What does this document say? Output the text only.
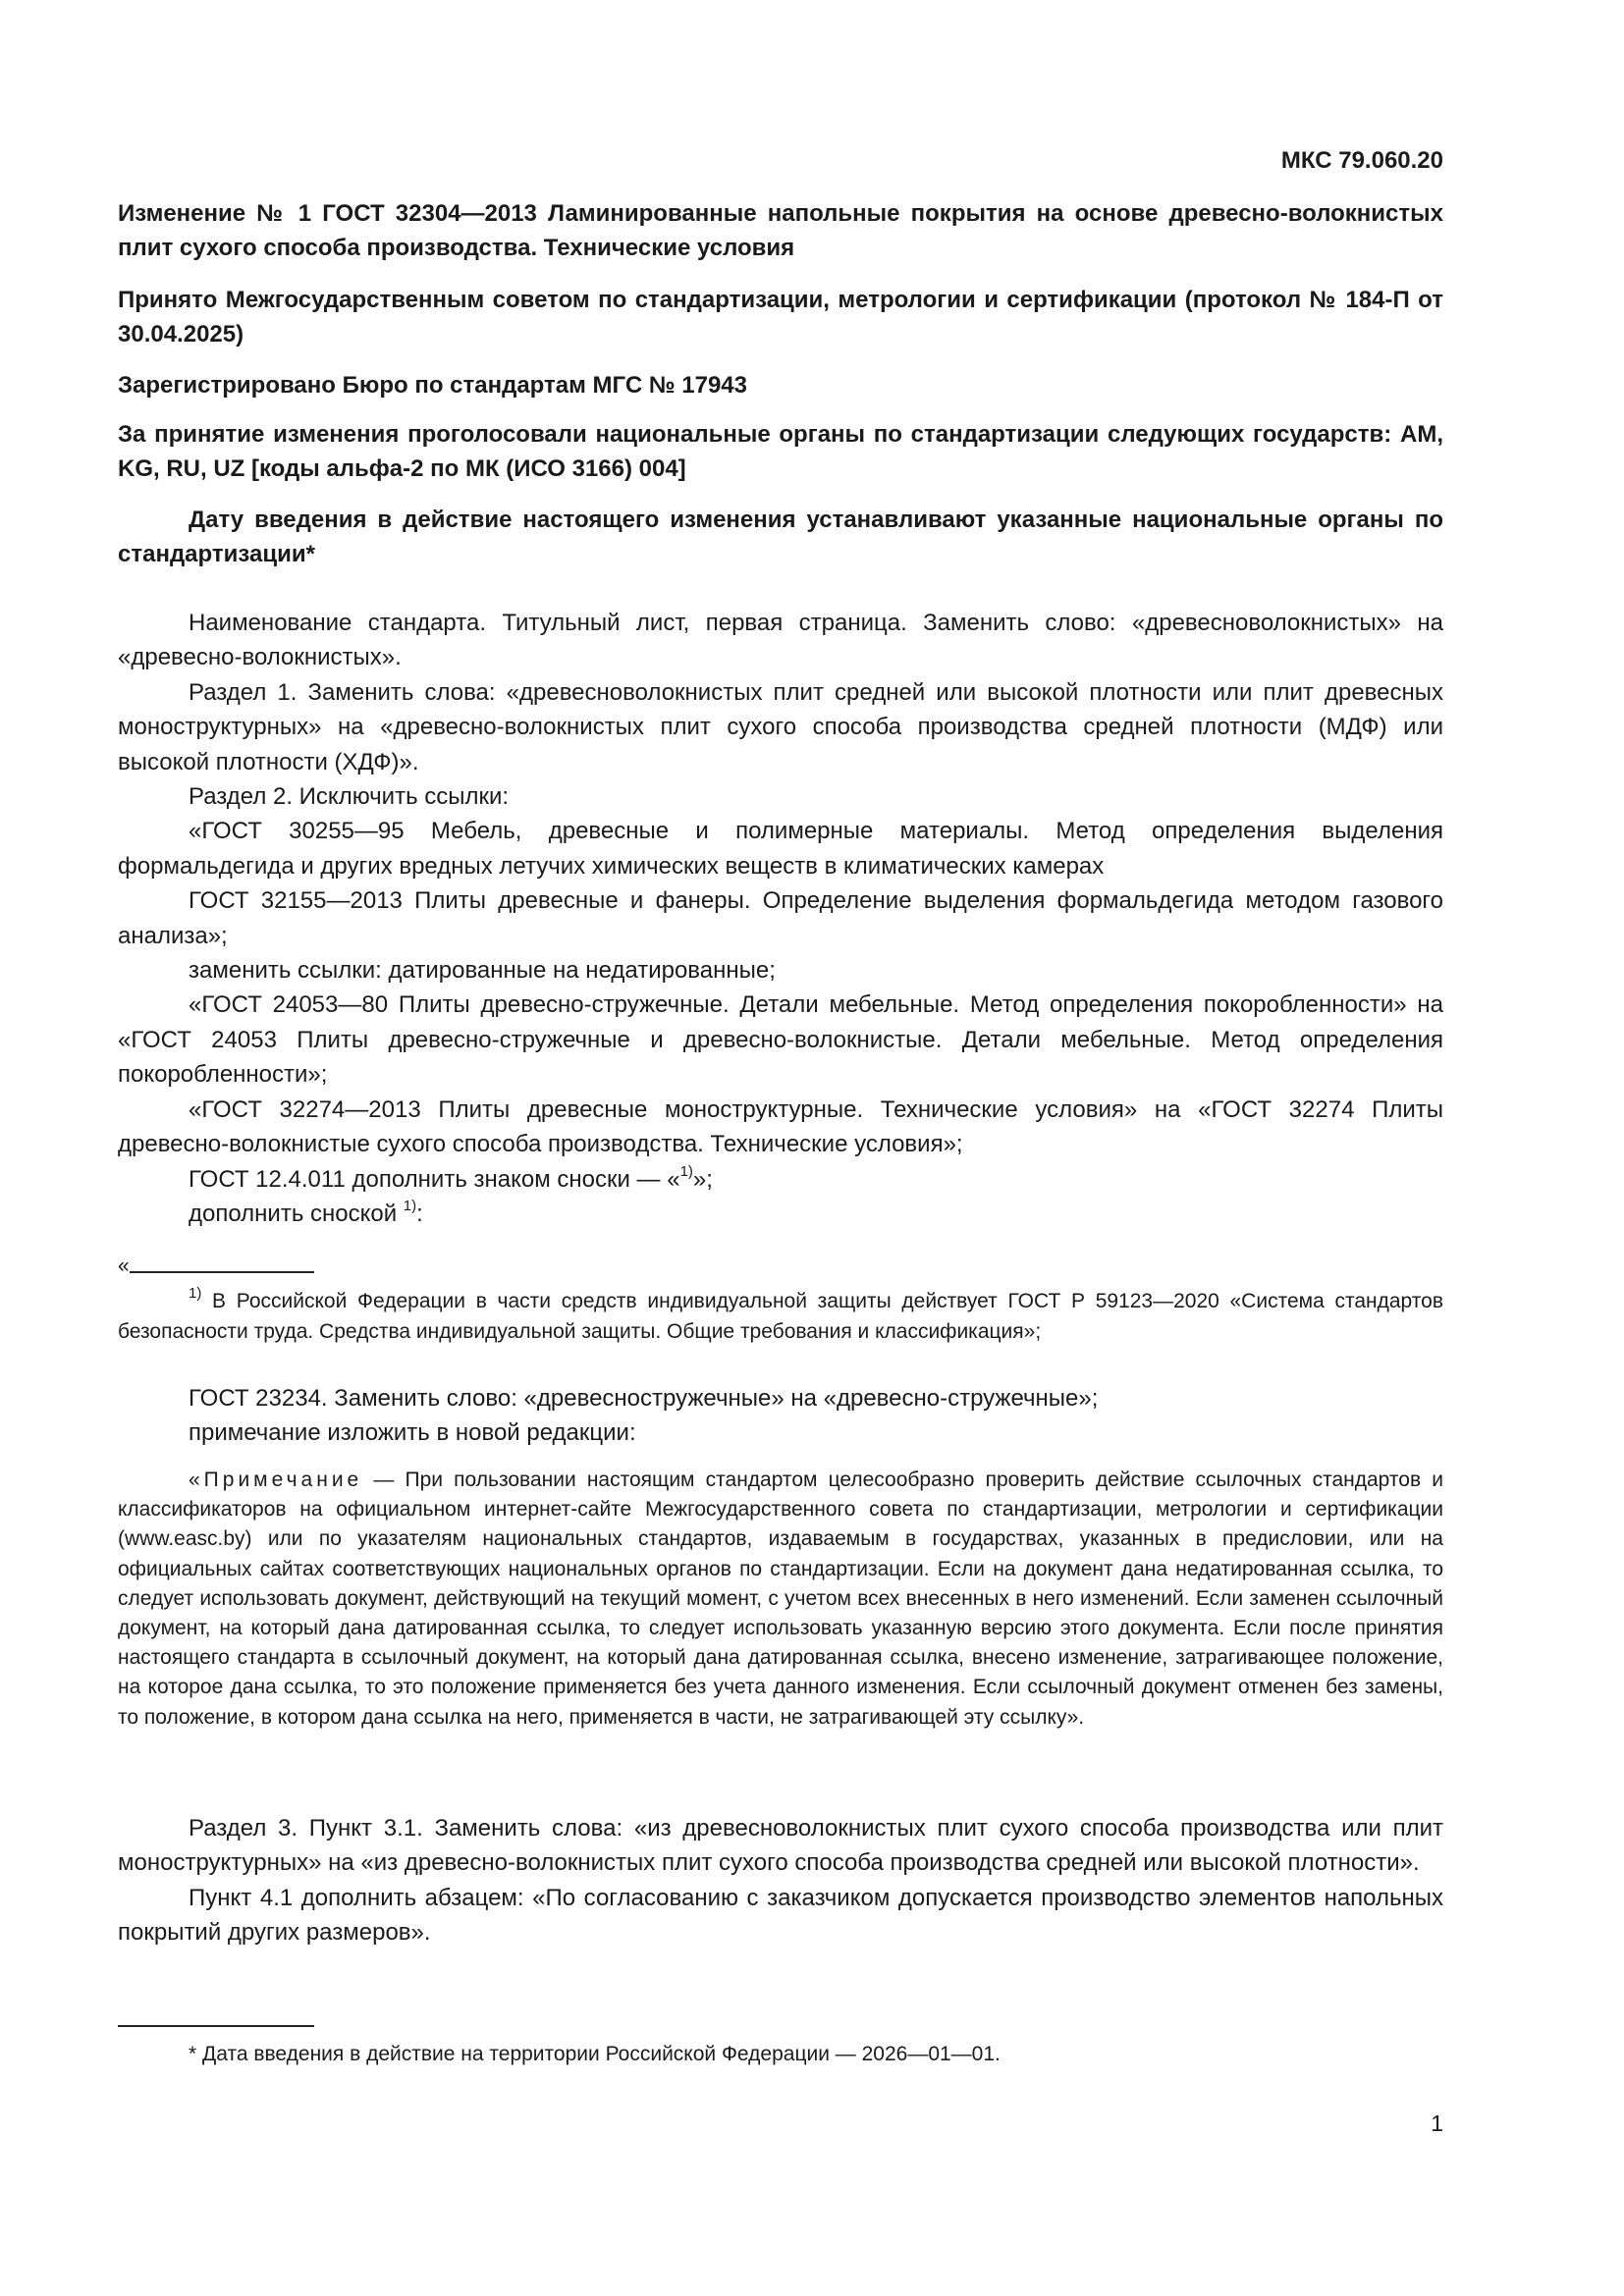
МКС 79.060.20

Изменение № 1 ГОСТ 32304—2013 Ламинированные напольные покрытия на основе древесно-волокнистых плит сухого способа производства. Технические условия

Принято Межгосударственным советом по стандартизации, метрологии и сертификации (протокол № 184-П от 30.04.2025)

Зарегистрировано Бюро по стандартам МГС № 17943

За принятие изменения проголосовали национальные органы по стандартизации следующих государств: AM, KG, RU, UZ [коды альфа-2 по МК (ИСО 3166) 004]

Дату введения в действие настоящего изменения устанавливают указанные национальные органы по стандартизации*

Наименование стандарта. Титульный лист, первая страница. Заменить слово: «древесноволокнистых» на «древесно-волокнистых».

Раздел 1. Заменить слова: «древесноволокнистых плит средней или высокой плотности или плит древесных моноструктурных» на «древесно-волокнистых плит сухого способа производства средней плотности (МДФ) или высокой плотности (ХДФ)».

Раздел 2. Исключить ссылки:

«ГОСТ 30255—95 Мебель, древесные и полимерные материалы. Метод определения выделения формальдегида и других вредных летучих химических веществ в климатических камерах

ГОСТ 32155—2013 Плиты древесные и фанеры. Определение выделения формальдегида методом газового анализа»;

заменить ссылки: датированные на недатированные;

«ГОСТ 24053—80 Плиты древесно-стружечные. Детали мебельные. Метод определения покоробленности» на «ГОСТ 24053 Плиты древесно-стружечные и древесно-волокнистые. Детали мебельные. Метод определения покоробленности»;

«ГОСТ 32274—2013 Плиты древесные моноструктурные. Технические условия» на «ГОСТ 32274 Плиты древесно-волокнистые сухого способа производства. Технические условия»;

ГОСТ 12.4.011 дополнить знаком сноски — «$^{1)}$»;

дополнить сноской $^{1)}$:

«

$^{1)}$ В Российской Федерации в части средств индивидуальной защиты действует ГОСТ Р 59123—2020 «Система стандартов безопасности труда. Средства индивидуальной защиты. Общие требования и классификация»;

ГОСТ 23234. Заменить слово: «древесностружечные» на «древесно-стружечные»;

примечание изложить в новой редакции:

«Примечание — При пользовании настоящим стандартом целесообразно проверить действие ссылочных стандартов и классификаторов на официальном интернет-сайте Межгосударственного совета по стандартизации, метрологии и сертификации (www.easc.by) или по указателям национальных стандартов, издаваемым в государствах, указанных в предисловии, или на официальных сайтах соответствующих национальных органов по стандартизации. Если на документ дана недатированная ссылка, то следует использовать документ, действующий на текущий момент, с учетом всех внесенных в него изменений. Если заменен ссылочный документ, на который дана датированная ссылка, то следует использовать указанную версию этого документа. Если после принятия настоящего стандарта в ссылочный документ, на который дана датированная ссылка, внесено изменение, затрагивающее положение, на которое дана ссылка, то это положение применяется без учета данного изменения. Если ссылочный документ отменен без замены, то положение, в котором дана ссылка на него, применяется в части, не затрагивающей эту ссылку».

Раздел 3. Пункт 3.1. Заменить слова: «из древесноволокнистых плит сухого способа производства или плит моноструктурных» на «из древесно-волокнистых плит сухого способа производства средней или высокой плотности».

Пункт 4.1 дополнить абзацем: «По согласованию с заказчиком допускается производство элементов напольных покрытий других размеров».

* Дата введения в действие на территории Российской Федерации — 2026—01—01.

1
